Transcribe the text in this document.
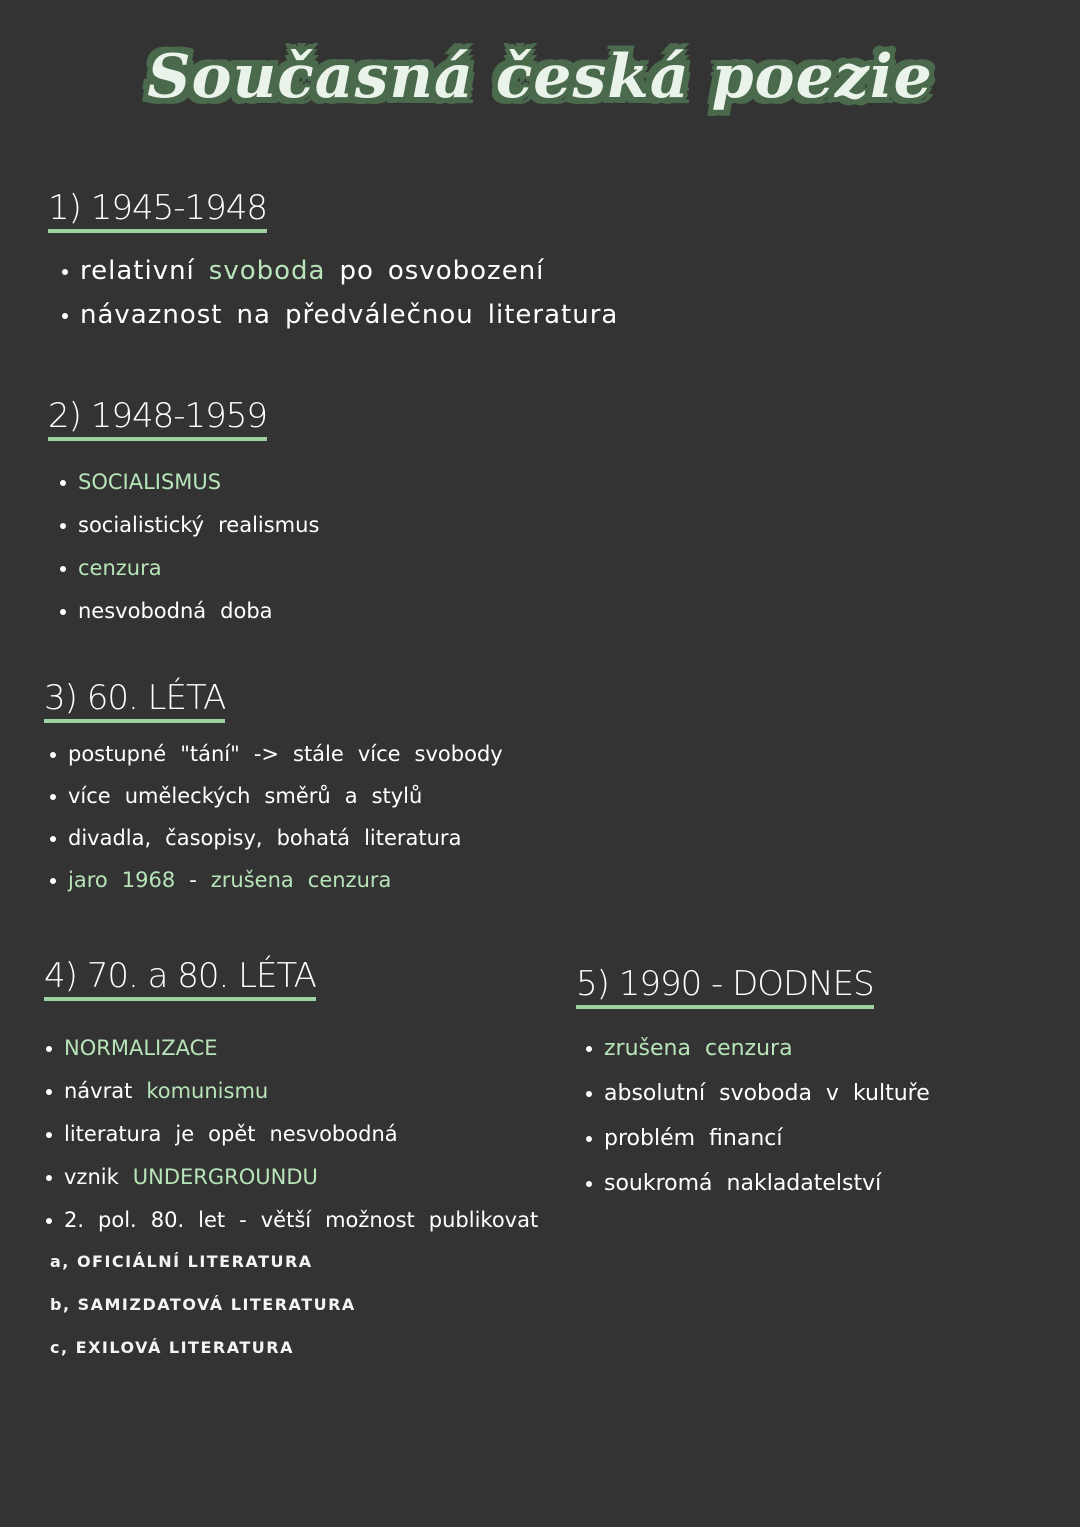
Současná česká poezie
1) 1945-1948
relativní svoboda po osvobození
návaznost na předválečnou literatura
2) 1948-1959
SOCIALISMUS
socialistický realismus
cenzura
nesvobodná doba
3) 60. LÉTA
postupné "tání" -> stále více svobody
více uměleckých směrů a stylů
divadla, časopisy, bohatá literatura
jaro 1968 - zrušena cenzura
4) 70. a 80. LÉTA
NORMALIZACE
návrat komunismu
literatura je opět nesvobodná
vznik UNDERGROUNDU
2. pol. 80. let - větší možnost publikovat
a, OFICIÁLNÍ LITERATURA
b, SAMIZDATOVÁ LITERATURA
c, EXILOVÁ LITERATURA
5) 1990 - DODNES
zrušena cenzura
absolutní svoboda v kultuře
problém financí
soukromá nakladatelství
